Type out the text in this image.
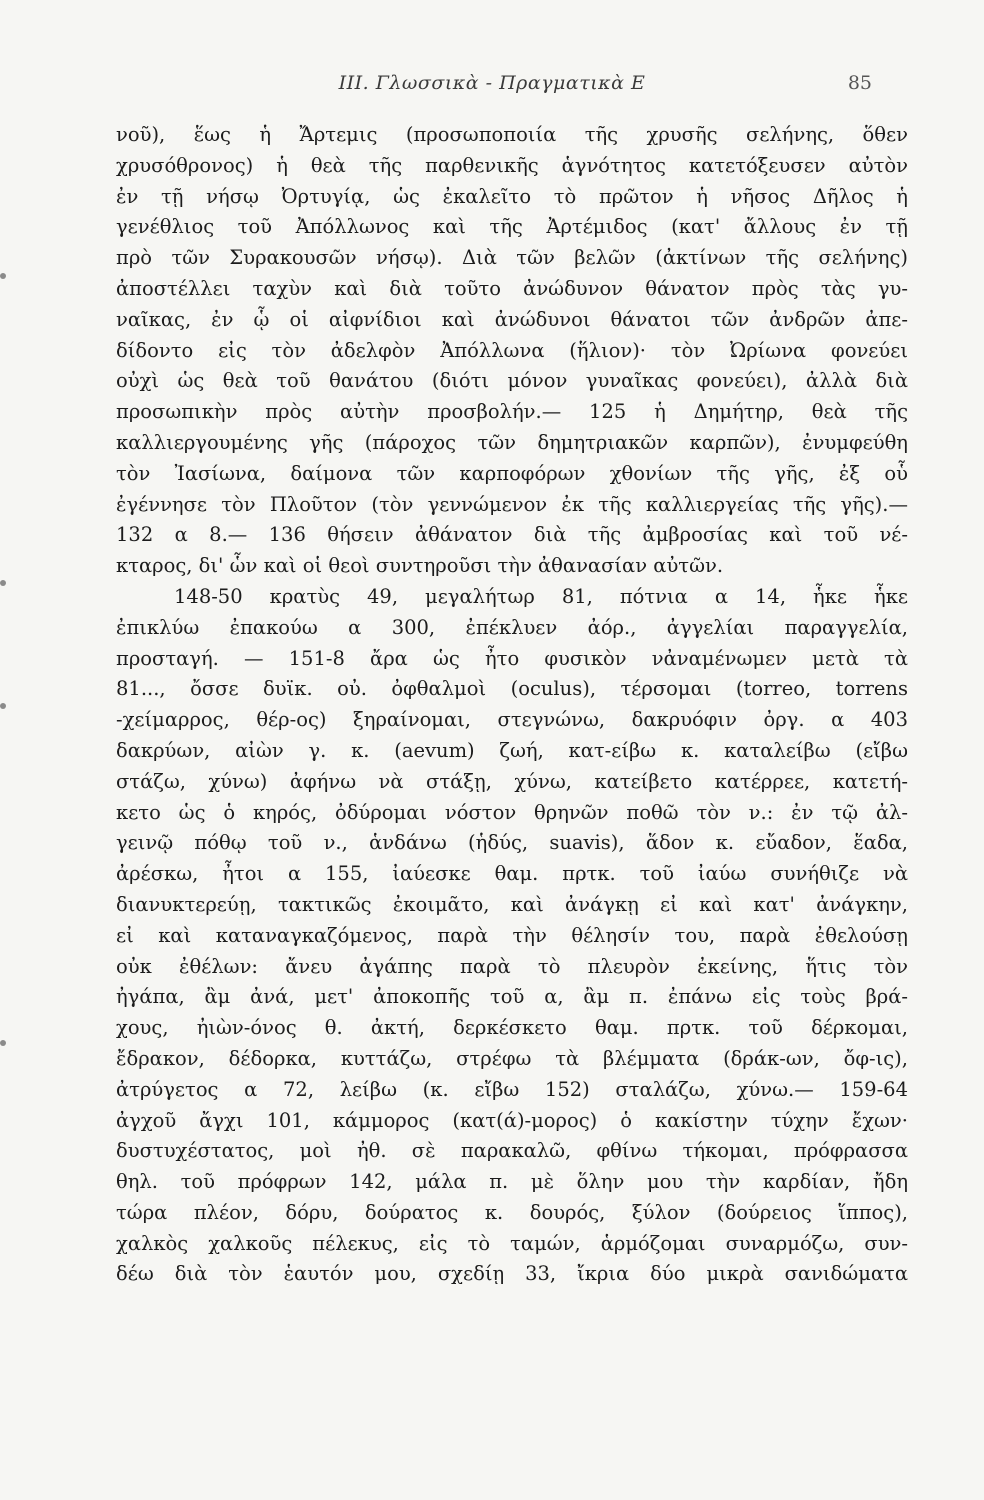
III. Γλωσσικὰ - Πραγματικὰ Ε	85
νοῦ), ἕως ἡ Ἄρτεμις (προσωποποιία τῆς χρυσῆς σελήνης, ὅθεν
χρυσόθρονος) ἡ θεὰ τῆς παρθενικῆς ἁγνότητος κατετόξευσεν αὐτὸν
ἐν τῇ νήσῳ Ὀρτυγίᾳ, ὡς ἐκαλεῖτο τὸ πρῶτον ἡ νῆσος Δῆλος ἡ
γενέθλιος τοῦ Ἀπόλλωνος καὶ τῆς Ἀρτέμιδος (κατ' ἄλλους ἐν τῇ
πρὸ τῶν Συρακουσῶν νήσῳ). Διὰ τῶν βελῶν (ἀκτίνων τῆς σελήνης)
ἀποστέλλει ταχὺν καὶ διὰ τοῦτο ἀνώδυνον θάνατον πρὸς τὰς γυ-
ναῖκας, ἐν ᾧ οἱ αἰφνίδιοι καὶ ἀνώδυνοι θάνατοι τῶν ἀνδρῶν ἀπε-
δίδοντο εἰς τὸν ἀδελφὸν Ἀπόλλωνα (ἥλιον)· τὸν Ὠρίωνα φονεύει
οὐχὶ ὡς θεὰ τοῦ θανάτου (διότι μόνον γυναῖκας φονεύει), ἀλλὰ διὰ
προσωπικὴν πρὸς αὐτὴν προσβολήν.— 125 ἡ Δημήτηρ, θεὰ τῆς
καλλιεργουμένης γῆς (πάροχος τῶν δημητριακῶν καρπῶν), ἐνυμφεύθη
τὸν Ἰασίωνα, δαίμονα τῶν καρποφόρων χθονίων τῆς γῆς, ἐξ οὗ
ἐγέννησε τὸν Πλοῦτον (τὸν γεννώμενον ἐκ τῆς καλλιεργείας τῆς γῆς).—
132 α 8.— 136 θήσειν ἀθάνατον διὰ τῆς ἀμβροσίας καὶ τοῦ νέ-
κταρος, δι' ὧν καὶ οἱ θεοὶ συντηροῦσι τὴν ἀθανασίαν αὐτῶν.
148-50 κρατὺς 49, μεγαλήτωρ 81, πότνια α 14, ἧκε ἧκε
ἐπικλύω ἐπακούω α 300, ἐπέκλυεν ἀόρ., ἀγγελίαι παραγγελία,
προσταγή. — 151-8 ἄρα ὡς ἦτο φυσικὸν νἀναμένωμεν μετὰ τὰ
81..., ὄσσε δυϊκ. οὐ. ὀφθαλμοὶ (oculus), τέρσομαι (torreo, torrens
-χείμαρρος, θέρ-ος) ξηραίνομαι, στεγνώνω, δακρυόφιν ὀργ. α 403
δακρύων, αἰὼν γ. κ. (aevum) ζωή, κατ-είβω κ. καταλείβω (εἴβω
στάζω, χύνω) ἀφήνω νὰ στάξῃ, χύνω, κατείβετο κατέρρεε, κατετή-
κετο ὡς ὁ κηρός, ὀδύρομαι νόστον θρηνῶν ποθῶ τὸν ν.: ἐν τῷ ἀλ-
γεινῷ πόθῳ τοῦ ν., ἁνδάνω (ἡδύς, suavis), ἅδον κ. εὔαδον, ἕαδα,
ἀρέσκω, ἦτοι α 155, ἰαύεσκε θαμ. πρτκ. τοῦ ἰαύω συνήθιζε νὰ
διανυκτερεύῃ, τακτικῶς ἐκοιμᾶτο, καὶ ἀνάγκῃ εἰ καὶ κατ' ἀνάγκην,
εἰ καὶ καταναγκαζόμενος, παρὰ τὴν θέλησίν του, παρὰ ἐθελούσῃ
οὐκ ἐθέλων: ἄνευ ἀγάπης παρὰ τὸ πλευρὸν ἐκείνης, ἥτις τὸν
ἠγάπα, ἂμ ἀνά, μετ' ἀποκοπῆς τοῦ α, ἂμ π. ἐπάνω εἰς τοὺς βρά-
χους, ἠιὼν-όνος θ. ἀκτή, δερκέσκετο θαμ. πρτκ. τοῦ δέρκομαι,
ἔδρακον, δέδορκα, κυττάζω, στρέφω τὰ βλέμματα (δράκ-ων, ὄφ-ις),
ἀτρύγετος α 72, λείβω (κ. εἴβω 152) σταλάζω, χύνω.— 159-64
ἀγχοῦ ἄγχι 101, κάμμορος (κατ(ά)-μορος) ὁ κακίστην τύχην ἔχων·
δυστυχέστατος, μοὶ ἠθ. σὲ παρακαλῶ, φθίνω τήκομαι, πρόφρασσα
θηλ. τοῦ πρόφρων 142, μάλα π. μὲ ὅλην μου τὴν καρδίαν, ἤδη
τώρα πλέον, δόρυ, δούρατος κ. δουρός, ξύλον (δούρειος ἵππος),
χαλκὸς χαλκοῦς πέλεκυς, εἰς τὸ ταμών, ἁρμόζομαι συναρμόζω, συν-
δέω διὰ τὸν ἑαυτόν μου, σχεδίῃ 33, ἴκρια δύο μικρὰ σανιδώματα
